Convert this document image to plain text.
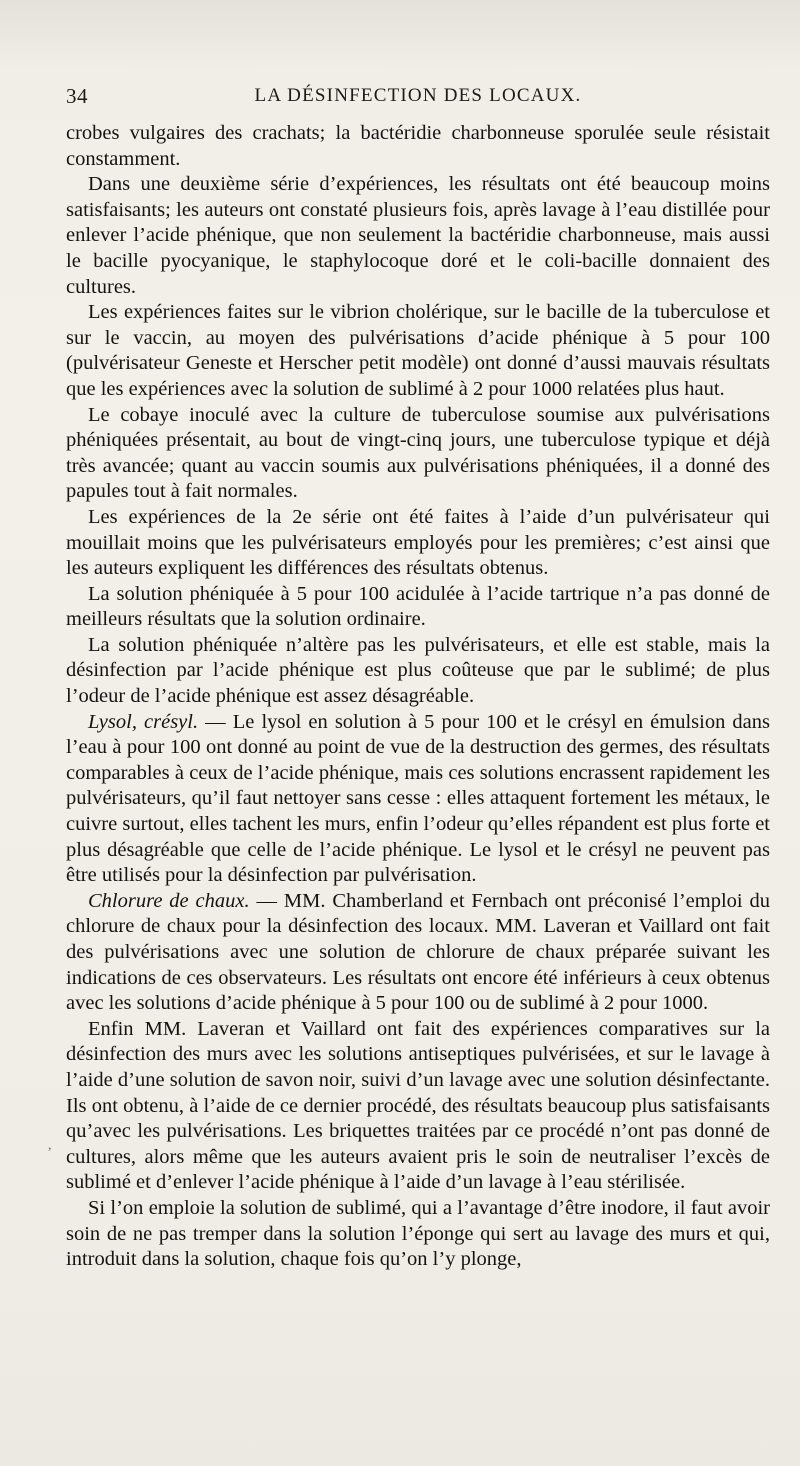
34	LA DÉSINFECTION DES LOCAUX.
,

crobes vulgaires des crachats; la bactéridie charbonneuse sporulée seule résistait constamment.

Dans une deuxième série d’expériences, les résultats ont été beaucoup moins satisfaisants; les auteurs ont constaté plusieurs fois, après lavage à l’eau distillée pour enlever l’acide phénique, que non seulement la bactéridie charbonneuse, mais aussi le bacille pyocyanique, le staphylocoque doré et le coli-bacille donnaient des cultures.

Les expériences faites sur le vibrion cholérique, sur le bacille de la tuberculose et sur le vaccin, au moyen des pulvérisations d’acide phénique à 5 pour 100 (pulvérisateur Geneste et Herscher petit modèle) ont donné d’aussi mauvais résultats que les expériences avec la solution de sublimé à 2 pour 1000 relatées plus haut.

Le cobaye inoculé avec la culture de tuberculose soumise aux pulvérisations phéniquées présentait, au bout de vingt-cinq jours, une tuberculose typique et déjà très avancée; quant au vaccin soumis aux pulvérisations phéniquées, il a donné des papules tout à fait normales.

Les expériences de la 2e série ont été faites à l’aide d’un pulvérisateur qui mouillait moins que les pulvérisateurs employés pour les premières; c’est ainsi que les auteurs expliquent les différences des résultats obtenus.

La solution phéniquée à 5 pour 100 acidulée à l’acide tartrique n’a pas donné de meilleurs résultats que la solution ordinaire.

La solution phéniquée n’altère pas les pulvérisateurs, et elle est stable, mais la désinfection par l’acide phénique est plus coûteuse que par le sublimé; de plus l’odeur de l’acide phénique est assez désagréable.

Lysol, crésyl. — Le lysol en solution à 5 pour 100 et le crésyl en émulsion dans l’eau à pour 100 ont donné au point de vue de la destruction des germes, des résultats comparables à ceux de l’acide phénique, mais ces solutions encrassent rapidement les pulvérisateurs, qu’il faut nettoyer sans cesse : elles attaquent fortement les métaux, le cuivre surtout, elles tachent les murs, enfin l’odeur qu’elles répandent est plus forte et plus désagréable que celle de l’acide phénique. Le lysol et le crésyl ne peuvent pas être utilisés pour la désinfection par pulvérisation.

Chlorure de chaux. — MM. Chamberland et Fernbach ont préconisé l’emploi du chlorure de chaux pour la désinfection des locaux. MM. Laveran et Vaillard ont fait des pulvérisations avec une solution de chlorure de chaux préparée suivant les indications de ces observateurs. Les résultats ont encore été inférieurs à ceux obtenus avec les solutions d’acide phénique à 5 pour 100 ou de sublimé à 2 pour 1000.

Enfin MM. Laveran et Vaillard ont fait des expériences comparatives sur la désinfection des murs avec les solutions antiseptiques pulvérisées, et sur le lavage à l’aide d’une solution de savon noir, suivi d’un lavage avec une solution désinfectante. Ils ont obtenu, à l’aide de ce dernier procédé, des résultats beaucoup plus satisfaisants qu’avec les pulvérisations. Les briquettes traitées par ce procédé n’ont pas donné de cultures, alors même que les auteurs avaient pris le soin de neutraliser l’excès de sublimé et d’enlever l’acide phénique à l’aide d’un lavage à l’eau stérilisée.

Si l’on emploie la solution de sublimé, qui a l’avantage d’être inodore, il faut avoir soin de ne pas tremper dans la solution l’éponge qui sert au lavage des murs et qui, introduit dans la solution, chaque fois qu’on l’y plonge,
